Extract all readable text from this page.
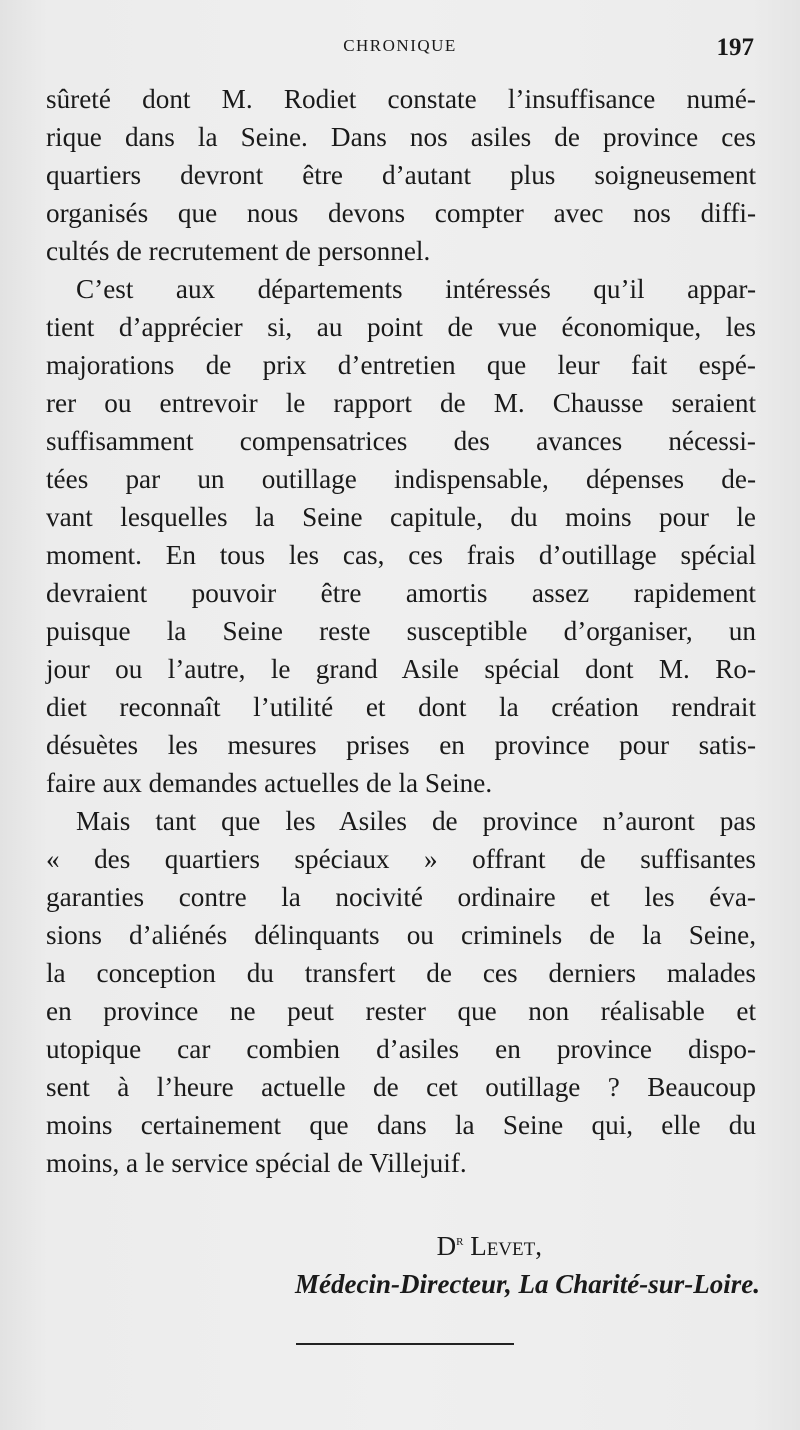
CHRONIQUE	197

sûreté dont M. Rodiet constate l’insuffisance numé-
rique dans la Seine. Dans nos asiles de province ces
quartiers devront être d’autant plus soigneusement
organisés que nous devons compter avec nos diffi-
cultés de recrutement de personnel.

C’est aux départements intéressés qu’il appar-
tient d’apprécier si, au point de vue économique, les
majorations de prix d’entretien que leur fait espé-
rer ou entrevoir le rapport de M. Chausse seraient
suffisamment compensatrices des avances nécessi-
tées par un outillage indispensable, dépenses de-
vant lesquelles la Seine capitule, du moins pour le
moment. En tous les cas, ces frais d’outillage spécial
devraient pouvoir être amortis assez rapidement
puisque la Seine reste susceptible d’organiser, un
jour ou l’autre, le grand Asile spécial dont M. Ro-
diet reconnaît l’utilité et dont la création rendrait
désuètes les mesures prises en province pour satis-
faire aux demandes actuelles de la Seine.

Mais tant que les Asiles de province n’auront pas
« des quartiers spéciaux » offrant de suffisantes
garanties contre la nocivité ordinaire et les éva-
sions d’aliénés délinquants ou criminels de la Seine,
la conception du transfert de ces derniers malades
en province ne peut rester que non réalisable et
utopique car combien d’asiles en province dispo-
sent à l’heure actuelle de cet outillage ? Beaucoup
moins certainement que dans la Seine qui, elle du
moins, a le service spécial de Villejuif.

$D^r$ Levet,
Médecin-Directeur, La Charité-sur-Loire.
